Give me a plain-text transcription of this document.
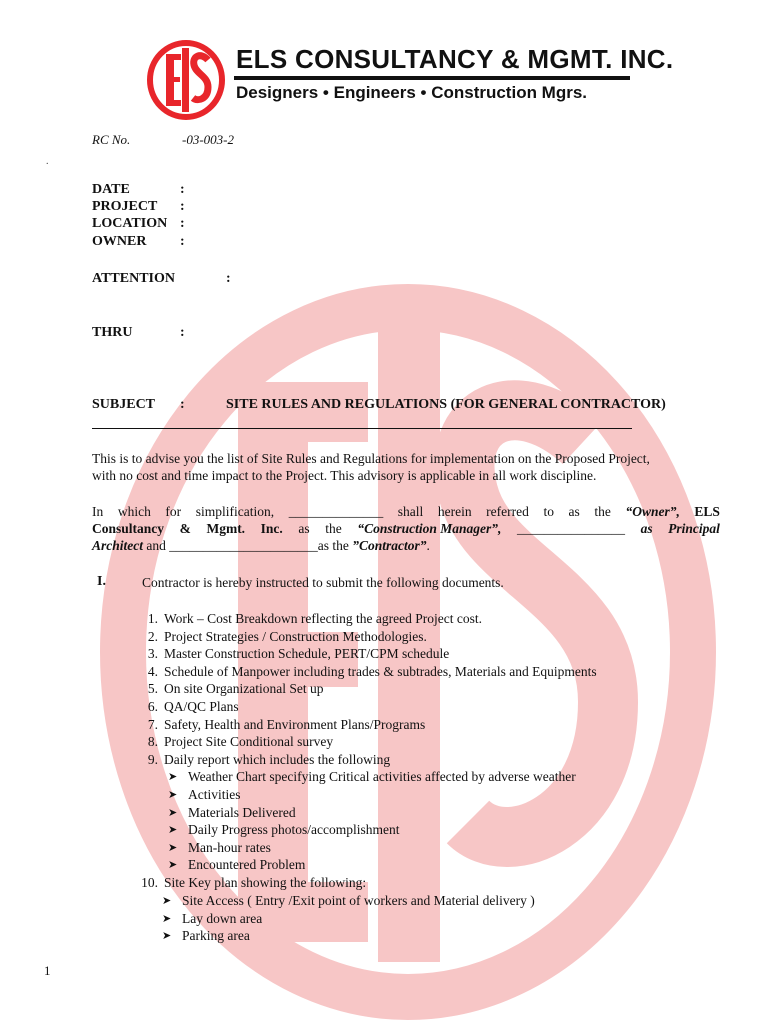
ELS CONSULTANCY & MGMT. INC.
Designers • Engineers • Construction Mgrs.
RC No.	-03-003-2
.
DATE	:
PROJECT :
LOCATION :
OWNER :
ATTENTION	:
THRU	:
SUBJECT :	SITE RULES AND REGULATIONS (FOR GENERAL CONTRACTOR)
This is to advise you the list of Site Rules and Regulations for implementation on the Proposed Project,
with no cost and time impact to the Project. This advisory is applicable in all work discipline.
In which for simplification, ______________ shall herein referred to as the “Owner”, ELS
Consultancy & Mgmt. Inc. as the “Construction Manager”, ________________ as Principal
Architect and ______________________as the ”Contractor”.
I.	Contractor is hereby instructed to submit the following documents.
1. Work – Cost Breakdown reflecting the agreed Project cost.
2. Project Strategies / Construction Methodologies.
3. Master Construction Schedule, PERT/CPM schedule
4. Schedule of Manpower including trades & subtrades, Materials and Equipments
5. On site Organizational Set up
6. QA/QC Plans
7. Safety, Health and Environment Plans/Programs
8. Project Site Conditional survey
9. Daily report which includes the following
➤ Weather Chart specifying Critical activities affected by adverse weather
➤ Activities
➤ Materials Delivered
➤ Daily Progress photos/accomplishment
➤ Man-hour rates
➤ Encountered Problem
10. Site Key plan showing the following:
➤ Site Access ( Entry /Exit point of workers and Material delivery )
➤ Lay down area
➤ Parking area
1
